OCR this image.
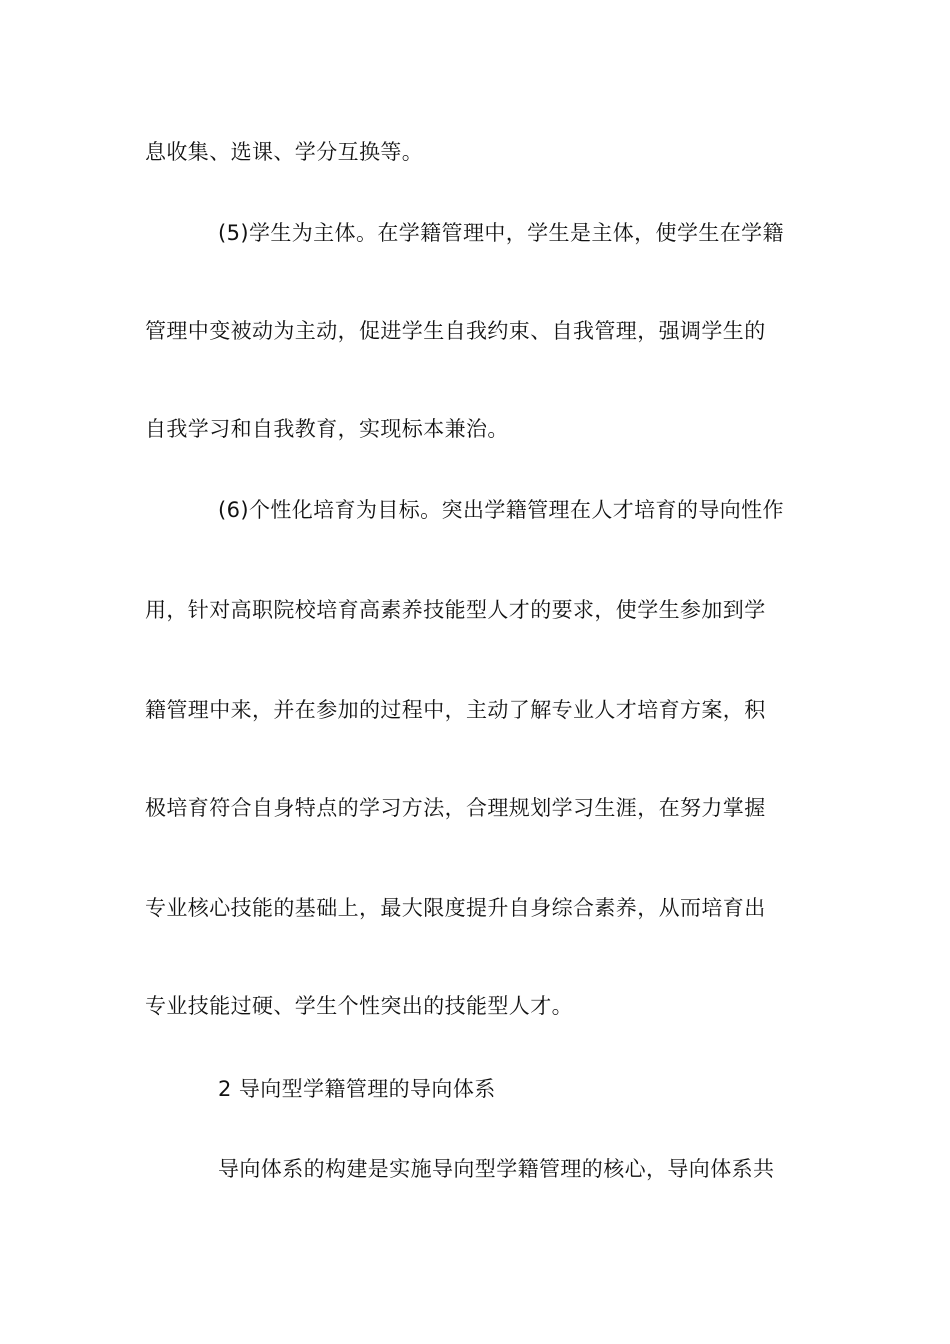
息收集、选课、学分互换等。
(5)学生为主体。在学籍管理中，学生是主体，使学生在学籍
管理中变被动为主动，促进学生自我约束、自我管理，强调学生的
自我学习和自我教育，实现标本兼治。
(6)个性化培育为目标。突出学籍管理在人才培育的导向性作
用，针对高职院校培育高素养技能型人才的要求，使学生参加到学
籍管理中来，并在参加的过程中，主动了解专业人才培育方案，积
极培育符合自身特点的学习方法，合理规划学习生涯，在努力掌握
专业核心技能的基础上，最大限度提升自身综合素养，从而培育出
专业技能过硬、学生个性突出的技能型人才。
2 导向型学籍管理的导向体系
导向体系的构建是实施导向型学籍管理的核心，导向体系共
